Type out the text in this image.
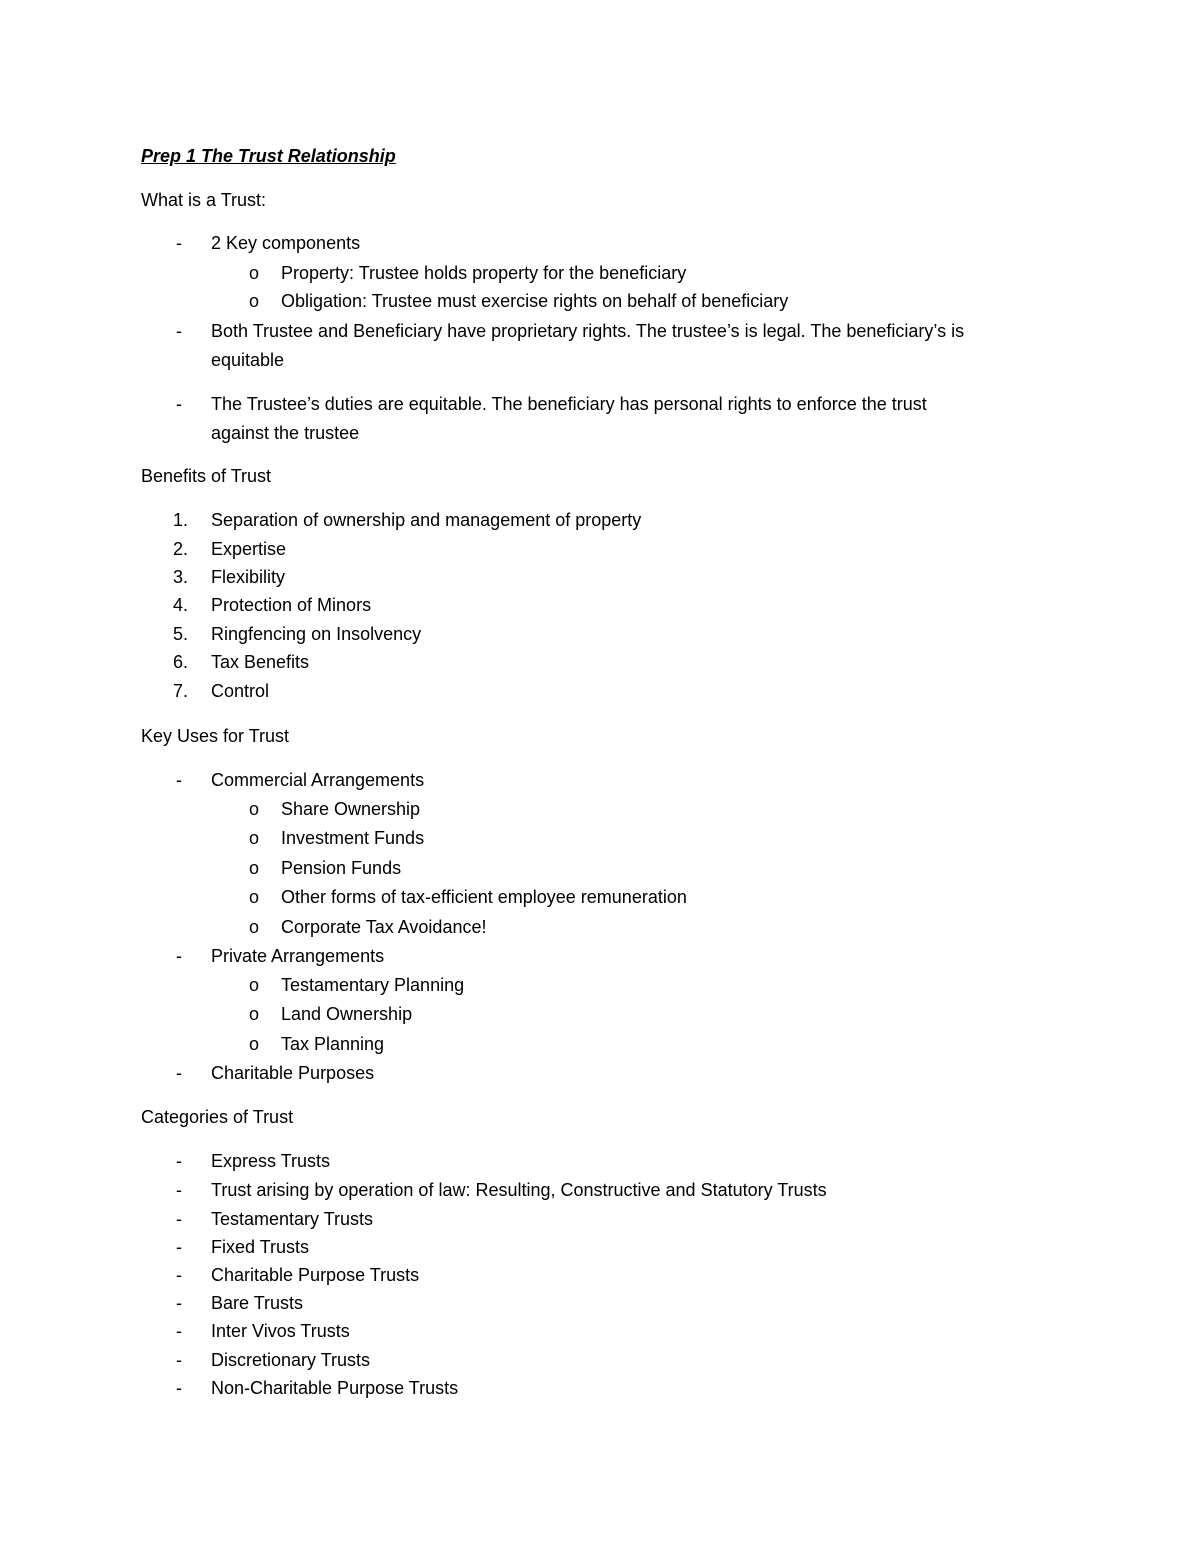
Prep 1 The Trust Relationship
What is a Trust:
- 2 Key components
o Property: Trustee holds property for the beneficiary
o Obligation: Trustee must exercise rights on behalf of beneficiary
- Both Trustee and Beneficiary have proprietary rights. The trustee’s is legal. The beneficiary’s is
equitable
- The Trustee’s duties are equitable. The beneficiary has personal rights to enforce the trust
against the trustee
Benefits of Trust
1. Separation of ownership and management of property
2. Expertise
3. Flexibility
4. Protection of Minors
5. Ringfencing on Insolvency
6. Tax Benefits
7. Control
Key Uses for Trust
- Commercial Arrangements
o Share Ownership
o Investment Funds
o Pension Funds
o Other forms of tax-efficient employee remuneration
o Corporate Tax Avoidance!
- Private Arrangements
o Testamentary Planning
o Land Ownership
o Tax Planning
- Charitable Purposes
Categories of Trust
- Express Trusts
- Trust arising by operation of law: Resulting, Constructive and Statutory Trusts
- Testamentary Trusts
- Fixed Trusts
- Charitable Purpose Trusts
- Bare Trusts
- Inter Vivos Trusts
- Discretionary Trusts
- Non-Charitable Purpose Trusts
